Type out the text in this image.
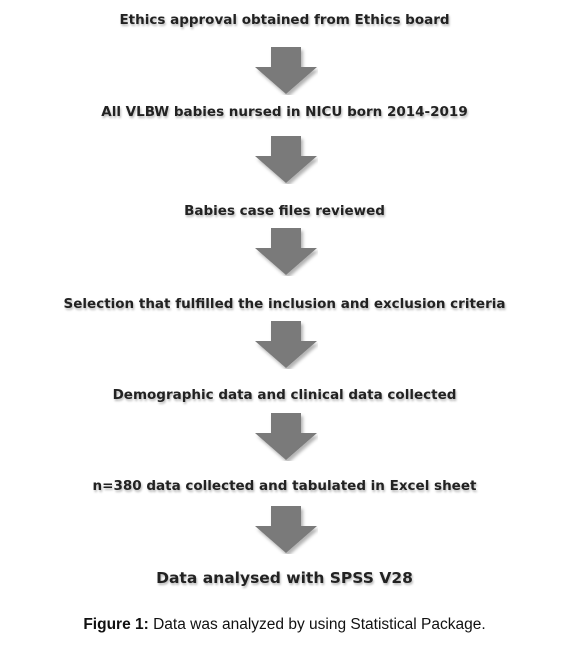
Ethics approval obtained from Ethics board
All VLBW babies nursed in NICU born 2014-2019
Babies case files reviewed
Selection that fulfilled the inclusion and exclusion criteria
Demographic data and clinical data collected
n=380 data collected and tabulated in Excel sheet
Data analysed with SPSS V28
Figure 1: Data was analyzed by using Statistical Package.
